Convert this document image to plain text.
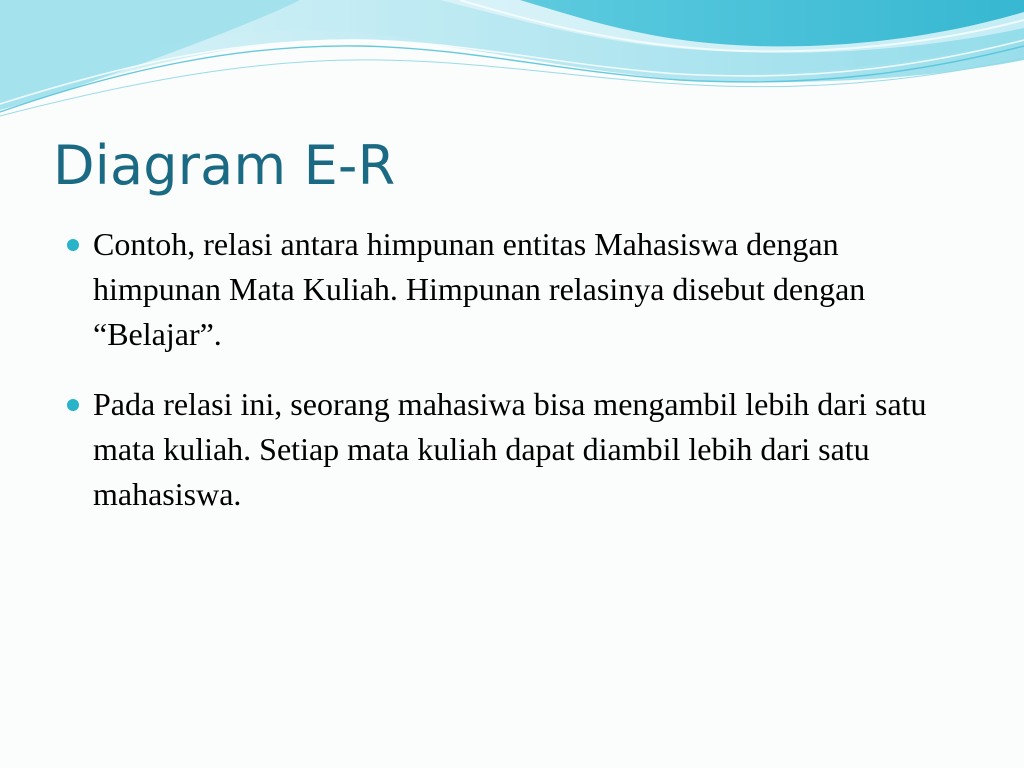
Diagram E-R
Contoh, relasi antara himpunan entitas Mahasiswa dengan himpunan Mata Kuliah. Himpunan relasinya disebut dengan “Belajar”.
Pada relasi ini, seorang mahasiwa bisa mengambil lebih dari satu mata kuliah. Setiap mata kuliah dapat diambil lebih dari satu mahasiswa.
